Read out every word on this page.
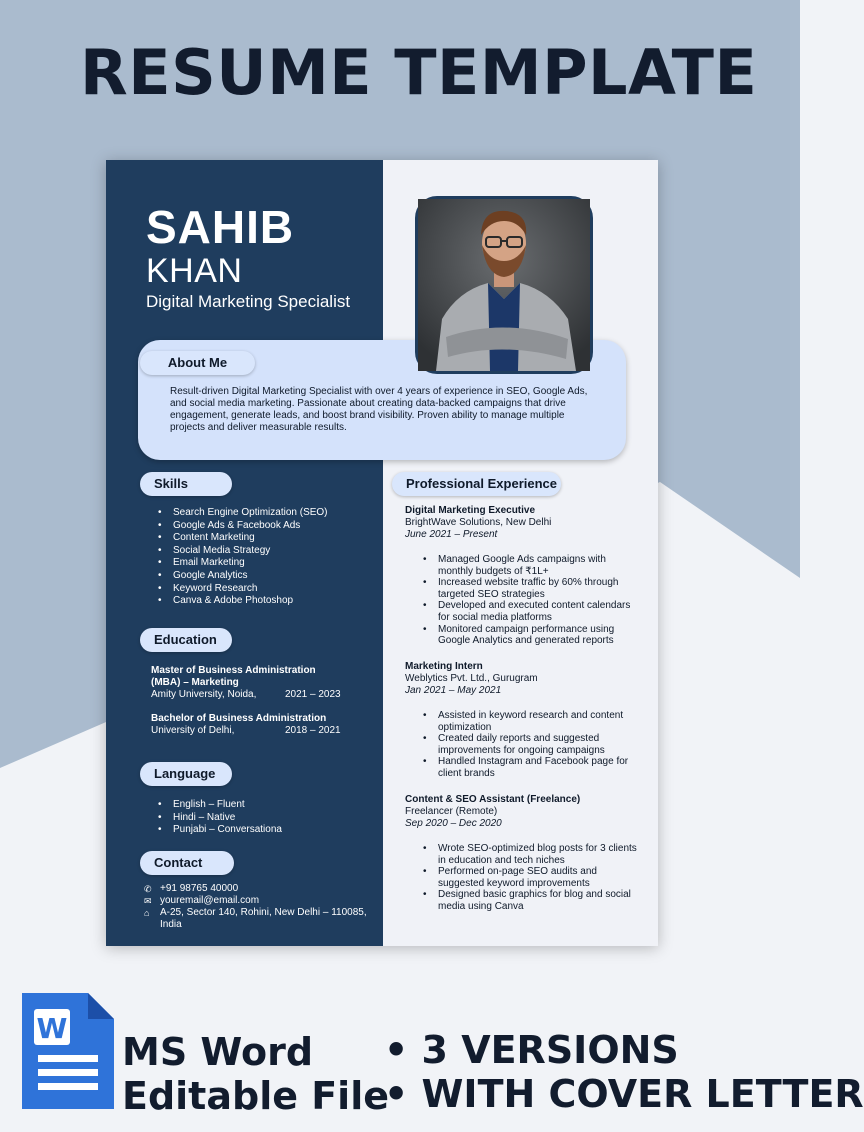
RESUME TEMPLATE
SAHIB
KHAN
Digital Marketing Specialist
About Me
Result-driven Digital Marketing Specialist with over 4 years of experience in SEO, Google Ads, and social media marketing. Passionate about creating data-backed campaigns that drive engagement, generate leads, and boost brand visibility. Proven ability to manage multiple projects and deliver measurable results.
Skills
• Search Engine Optimization (SEO)
• Google Ads & Facebook Ads
• Content Marketing
• Social Media Strategy
• Email Marketing
• Google Analytics
• Keyword Research
• Canva & Adobe Photoshop
Education
Master of Business Administration
(MBA) – Marketing
Amity University, Noida,	2021 – 2023
Bachelor of Business Administration
University of Delhi,	2018 – 2021
Language
• English – Fluent
• Hindi – Native
• Punjabi – Conversationa
Contact
✆ +91 98765 40000
✉ youremail@email.com
⌂	A-25, Sector 140, Rohini, New Delhi – 110085,
India
Professional Experience
Digital Marketing Executive
BrightWave Solutions, New Delhi
June 2021 – Present
• Managed Google Ads campaigns with monthly budgets of ₹1L+
• Increased website traffic by 60% through targeted SEO strategies
• Developed and executed content calendars for social media platforms
• Monitored campaign performance using Google Analytics and generated reports
Marketing Intern
Weblytics Pvt. Ltd., Gurugram
Jan 2021 – May 2021
• Assisted in keyword research and content optimization
• Created daily reports and suggested improvements for ongoing campaigns
• Handled Instagram and Facebook page for client brands
Content & SEO Assistant (Freelance)
Freelancer (Remote)
Sep 2020 – Dec 2020
• Wrote SEO-optimized blog posts for 3 clients in education and tech niches
• Performed on-page SEO audits and suggested keyword improvements
• Designed basic graphics for blog and social media using Canva
W
MS Word
Editable File
• 3 VERSIONS
• WITH COVER LETTER
